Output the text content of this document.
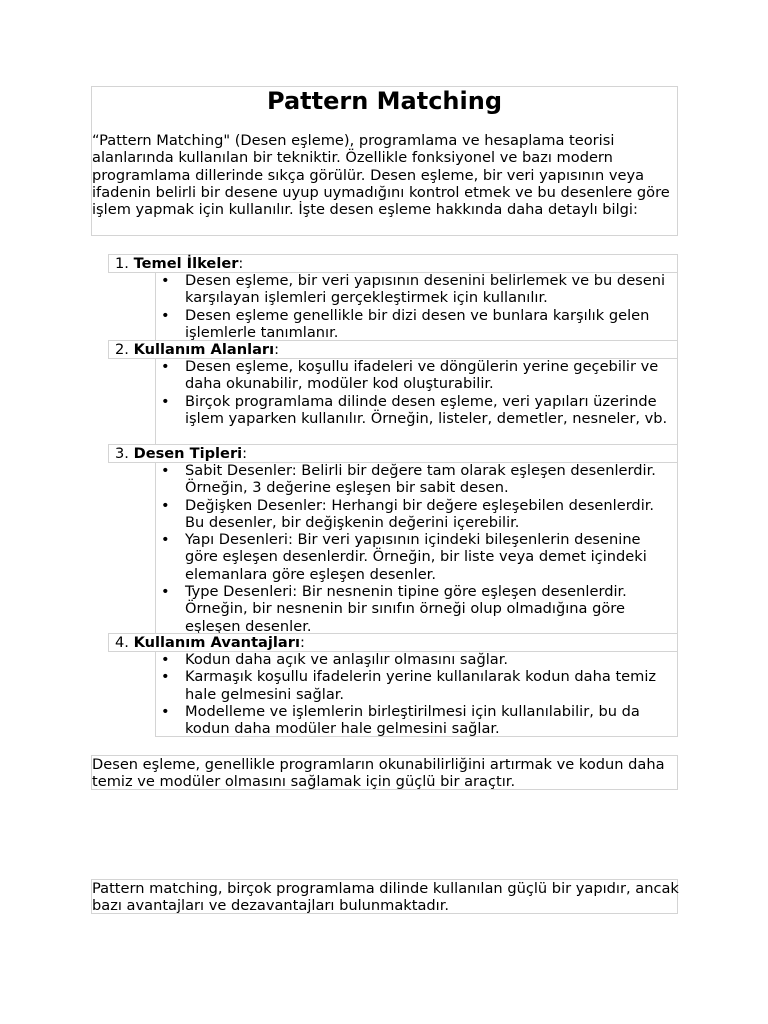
Pattern Matching

“Pattern Matching" (Desen eşleme), programlama ve hesaplama teorisi alanlarında kullanılan bir tekniktir. Özellikle fonksiyonel ve bazı modern programlama dillerinde sıkça görülür. Desen eşleme, bir veri yapısının veya ifadenin belirli bir desene uyup uymadığını kontrol etmek ve bu desenlere göre işlem yapmak için kullanılır. İşte desen eşleme hakkında daha detaylı bilgi:

1. Temel İlkeler:
• Desen eşleme, bir veri yapısının desenini belirlemek ve bu deseni karşılayan işlemleri gerçekleştirmek için kullanılır.
• Desen eşleme genellikle bir dizi desen ve bunlara karşılık gelen işlemlerle tanımlanır.
2. Kullanım Alanları:
• Desen eşleme, koşullu ifadeleri ve döngülerin yerine geçebilir ve daha okunabilir, modüler kod oluşturabilir.
• Birçok programlama dilinde desen eşleme, veri yapıları üzerinde işlem yaparken kullanılır. Örneğin, listeler, demetler, nesneler, vb.
3. Desen Tipleri:
• Sabit Desenler: Belirli bir değere tam olarak eşleşen desenlerdir. Örneğin, 3 değerine eşleşen bir sabit desen.
• Değişken Desenler: Herhangi bir değere eşleşebilen desenlerdir. Bu desenler, bir değişkenin değerini içerebilir.
• Yapı Desenleri: Bir veri yapısının içindeki bileşenlerin desenine göre eşleşen desenlerdir. Örneğin, bir liste veya demet içindeki elemanlara göre eşleşen desenler.
• Type Desenleri: Bir nesnenin tipine göre eşleşen desenlerdir. Örneğin, bir nesnenin bir sınıfın örneği olup olmadığına göre eşleşen desenler.
4. Kullanım Avantajları:
• Kodun daha açık ve anlaşılır olmasını sağlar.
• Karmaşık koşullu ifadelerin yerine kullanılarak kodun daha temiz hale gelmesini sağlar.
• Modelleme ve işlemlerin birleştirilmesi için kullanılabilir, bu da kodun daha modüler hale gelmesini sağlar.

Desen eşleme, genellikle programların okunabilirliğini artırmak ve kodun daha temiz ve modüler olmasını sağlamak için güçlü bir araçtır.

Pattern matching, birçok programlama dilinde kullanılan güçlü bir yapıdır, ancak bazı avantajları ve dezavantajları bulunmaktadır.
